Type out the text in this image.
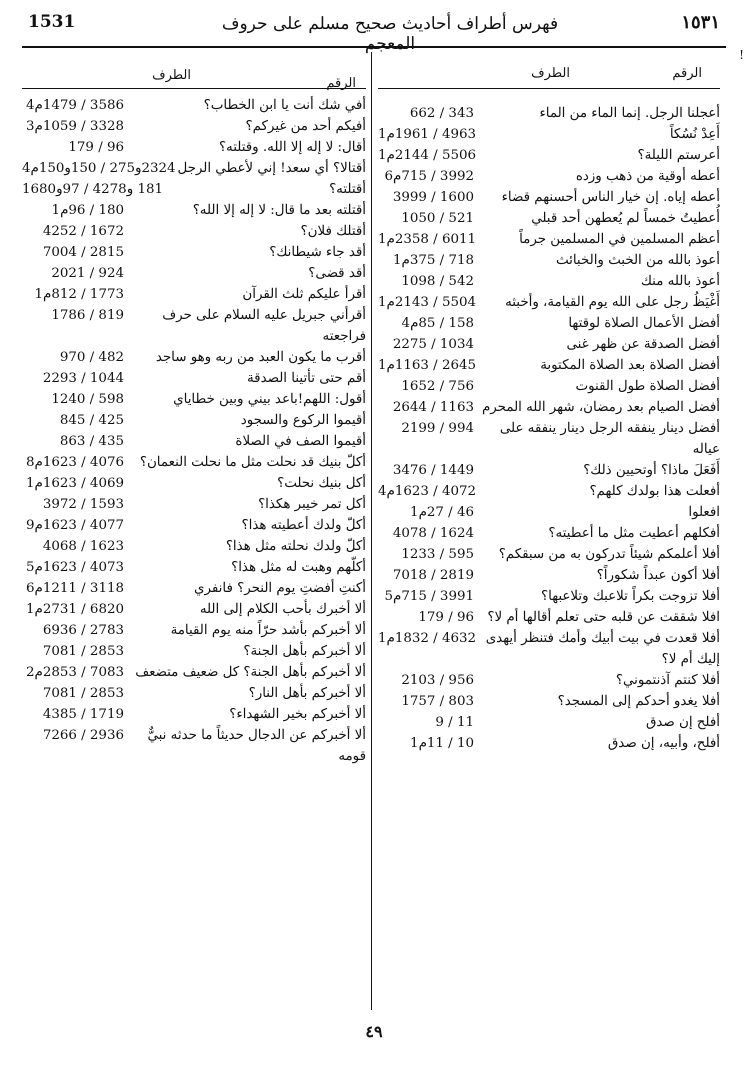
1531	فهرس أطراف أحاديث صحيح مسلم على حروف المعجم
١٥٣١
!
الرقم
الطرف
أعجلنا الرجل. إنما الماء من الماء
662 / 343
أَعِدْ نُسُكاً
4963 / 1961م1
أعرستم الليلة؟
5506 / 2144م1
أعطه أوقية من ذهب وزده
3992 / 715م6
أعطه إياه. إن خيار الناس أحسنهم قضاء
3999 / 1600
أُعطيتُ خمساً لم يُعطهن أحد قبلي
1050 / 521
أعظم المسلمين في المسلمين جرماً
6011 / 2358م1
أعوذ بالله من الخبث والخبائث
718 / 375م1
أعوذ بالله منك
1098 / 542
أَغْيَظُ رجل على الله يوم القيامة، وأخبثه
5504 / 2143م1
أفضل الأعمال الصلاة لوقتها
158 / 85م4
أفضل الصدقة عن ظهر غنى
2275 / 1034
أفضل الصلاة بعد الصلاة المكتوبة
2645 / 1163م1
أفضل الصلاة طول القنوت
1652 / 756
أفضل الصيام بعد رمضان، شهر الله المحرم
2644 / 1163
أفضل دينار ينفقه الرجل دينار ينفقه على عياله
2199 / 994
أَفَعَلَ ماذا؟ أوتحيين ذلك؟
3476 / 1449
أفعلت هذا بولدك كلهم؟
4072 / 1623م4
افعلوا
46 / 27م1
أفكلهم أعطيت مثل ما أعطيته؟
4078 / 1624
أفلا أعلمكم شيئاً تدركون به من سبقكم؟
1233 / 595
أفلا أكون عبداً شكوراً؟
7018 / 2819
أفلا تزوجت بكراً تلاعبك وتلاعبها؟
3991 / 715م5
افلا شققت عن قلبه حتى تعلم أقالها أم لا؟
179 / 96
أفلا قعدت في بيت أبيك وأمك فتنظر أيهدى إليك أم لا؟
4632 / 1832م1
أفلا كنتم آذنتموني؟
2103 / 956
أفلا يغدو أحدكم إلى المسجد؟
1757 / 803
أفلح إن صدق
9 / 11
أفلح، وأبيه، إن صدق
10 / 11م1
الرقم
الطرف
أفي شك أنت يا ابن الخطاب؟
3586 / 1479م4
أفيكم أحد من غيركم؟
3328 / 1059م3
أقال: لا إله إلا الله. وقتلته؟
179 / 96
أقتالا؟ أي سعد! إني لأعطي الرجل
2324و275 / 150و150م4
أقتلته؟
181 و4278 / 97و1680
أقتلته بعد ما قال: لا إله إلا الله؟
180 / 96م1
أقتلك فلان؟
4252 / 1672
أقد جاء شيطانك؟
7004 / 2815
أقد قضى؟
2021 / 924
أقرأ عليكم ثلث القرآن
1773 / 812م1
أقرأني جبريل عليه السلام على حرف فراجعته
1786 / 819
أقرب ما يكون العبد من ربه وهو ساجد
970 / 482
أقم حتى تأتينا الصدقة
2293 / 1044
أقول: اللهم!باعد بيني وبين خطاياي
1240 / 598
أقيموا الركوع والسجود
845 / 425
أقيموا الصف في الصلاة
863 / 435
أكلّ بنيك قد نحلت مثل ما نحلت النعمان؟
4076 / 1623م8
أكل بنيك نحلت؟
4069 / 1623م1
أكل تمر خيبر هكذا؟
3972 / 1593
أكلّ ولدك أعطيته هذا؟
4077 / 1623م9
أكلّ ولدك نحلته مثل هذا؟
4068 / 1623
أكلّهم وهبت له مثل هذا؟
4073 / 1623م5
أكنتِ أفضتِ يوم النحر؟ فانفري
3118 / 1211م6
ألا أخبرك بأحب الكلام إلى الله
6820 / 2731م1
ألا أخبركم بأشد حرّاً منه يوم القيامة
6936 / 2783
ألا أخبركم بأهل الجنة؟
7081 / 2853
ألا أخبركم بأهل الجنة؟ كل ضعيف متضعف
7083 / 2853م2
ألا أخبركم بأهل النار؟
7081 / 2853
ألا أخبركم بخير الشهداء؟
4385 / 1719
ألا أخبركم عن الدجال حديثاً ما حدثه نبيٌّ قومه
7266 / 2936
٤٩
